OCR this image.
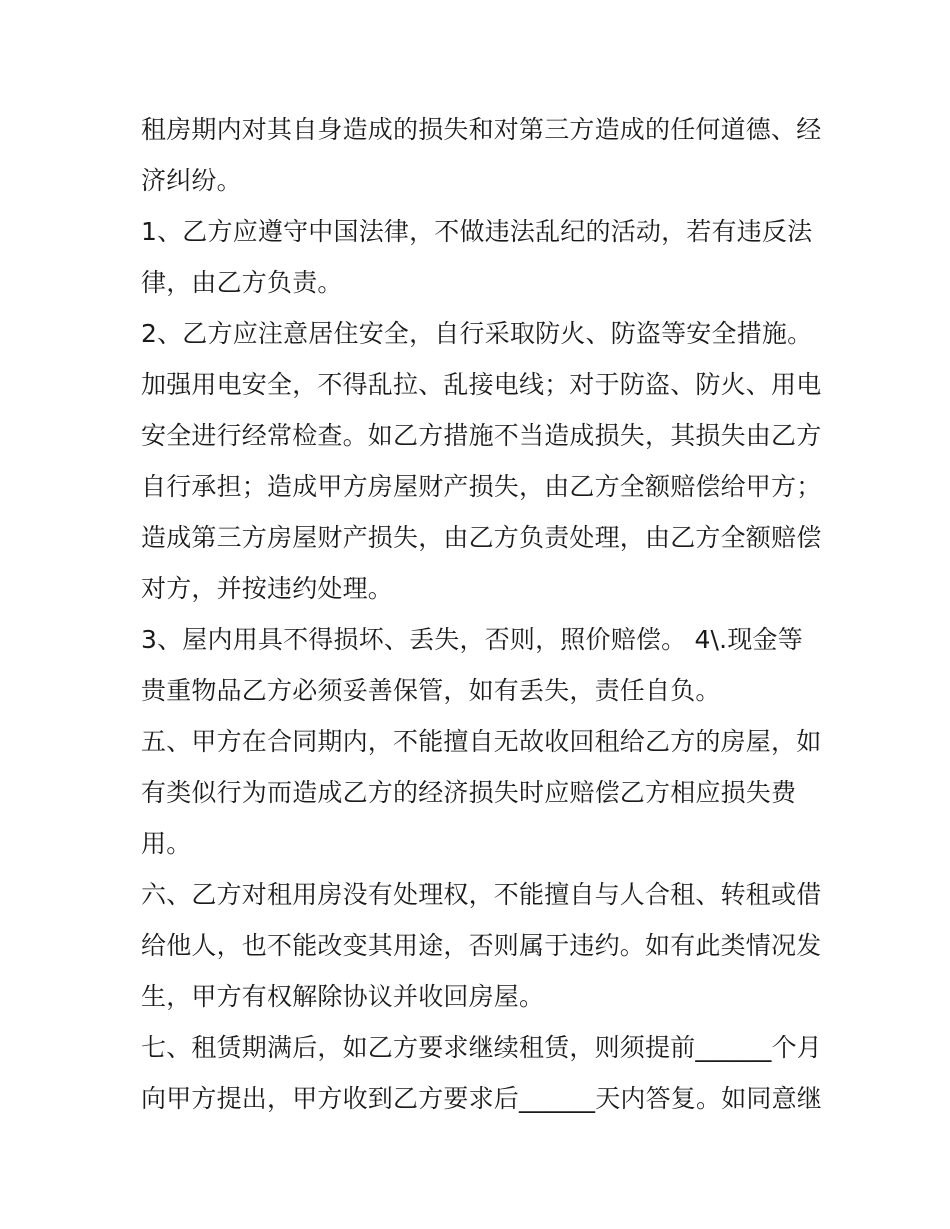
租房期内对其自身造成的损失和对第三方造成的任何道德、经
济纠纷。
1、乙方应遵守中国法律，不做违法乱纪的活动，若有违反法
律，由乙方负责。
2、乙方应注意居住安全，自行采取防火、防盗等安全措施。
加强用电安全，不得乱拉、乱接电线；对于防盗、防火、用电
安全进行经常检查。如乙方措施不当造成损失，其损失由乙方
自行承担；造成甲方房屋财产损失，由乙方全额赔偿给甲方；
造成第三方房屋财产损失，由乙方负责处理，由乙方全额赔偿
对方，并按违约处理。
3、屋内用具不得损坏、丢失，否则，照价赔偿。 4\.现金等
贵重物品乙方必须妥善保管，如有丢失，责任自负。
五、甲方在合同期内，不能擅自无故收回租给乙方的房屋，如
有类似行为而造成乙方的经济损失时应赔偿乙方相应损失费
用。
六、乙方对租用房没有处理权，不能擅自与人合租、转租或借
给他人，也不能改变其用途，否则属于违约。如有此类情况发
生，甲方有权解除协议并收回房屋。
七、租赁期满后，如乙方要求继续租赁，则须提前______个月
向甲方提出，甲方收到乙方要求后______天内答复。如同意继
